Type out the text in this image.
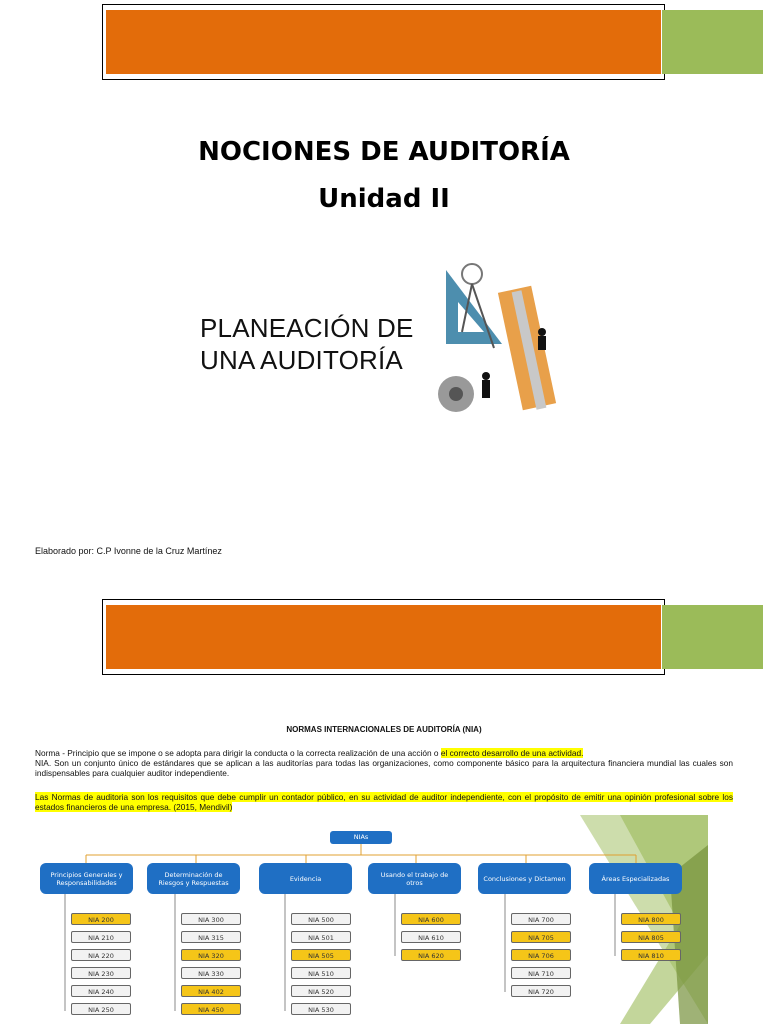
NOCIONES DE AUDITORÍA
Unidad II
PLANEACIÓN DE
UNA AUDITORÍA
Elaborado por: C.P Ivonne de la Cruz Martínez
NORMAS INTERNACIONALES DE AUDITORÍA (NIA)
Norma - Principio que se impone o se adopta para dirigir la conducta o la correcta realización de una acción o el correcto desarrollo de una actividad.
NIA. Son un conjunto único de estándares que se aplican a las auditorías para todas las organizaciones, como componente básico para la arquitectura financiera mundial las cuales son indispensables para cualquier auditor independiente.
Las Normas de auditoria son los requisitos que debe cumplir un contador público, en su actividad de auditor independiente, con el propósito de emitir una opinión profesional sobre los estados financieros de una empresa. (2015, Mendivil)
NIAs
Principios Generales y Responsabilidades
Determinación de Riesgos y Respuestas	Evidencia	Usando el trabajo de otros	Conclusiones y Dictamen	Áreas Especializadas
NIA 200
NIA 210
NIA 220
NIA 230
NIA 240
NIA 250
NIA 300
NIA 315
NIA 320
NIA 330
NIA 402
NIA 450
NIA 500
NIA 501
NIA 505
NIA 510
NIA 520
NIA 530
NIA 600
NIA 610
NIA 620
NIA 700
NIA 705
NIA 706
NIA 710
NIA 720
NIA 800
NIA 805
NIA 810
